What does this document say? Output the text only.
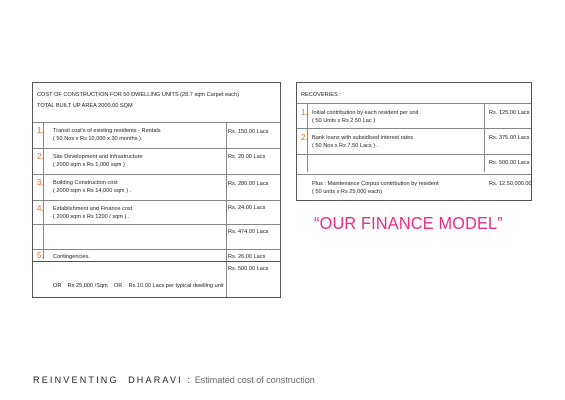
COST OF CONSTRUCTION FOR 50 DWELLING UNITS (28.7 sqm Carpet each)
TOTAL BUILT UP AREA 2000.00 SQM
1. Transit cost's of existing residents - Rentals
( 50 Nos x Rs 10,000 x 30 months ).
Rs. 150.00 Lacs
2. Site Development and Infrastructure
( 2000 sqm x Rs 1,000 sqm ) .
Rs. 20.00 Lacs
3. Building Construction cost
( 2000 sqm x Rs 14,000 sqm ) .
Rs. 280.00 Lacs
4. Establishment and Finance cost
( 2000 sqm x Rs 1200 / sqm ) .
Rs. 24.00 Lacs
Rs. 474.00 Lacs
5. Contingencies.	Rs. 26.00 Lacs
Rs. 500.00 Lacs
OR    Rs 25,000 /Sqm    OR    Rs 10.00 Lacs per typical dwelling unit
RECOVERIES :
1. Initial contribution by each resident per unit
( 50 Units x Rs 2.50 Lac )
Rs. 125.00 Lacs
2. Bank loans with subsidised interest rates
( 50 Nos x Rs 7.50 Lacs ) .
Rs. 375.00 Lacs
Rs. 500.00 Lacs
Plus : Maintenance Corpus contribution by resident
( 50 units x Rs 25,000 each)
Rs. 12,50,000.00
“OUR FINANCE MODEL”
REINVENTING  DHARAVI : Estimated cost of construction
